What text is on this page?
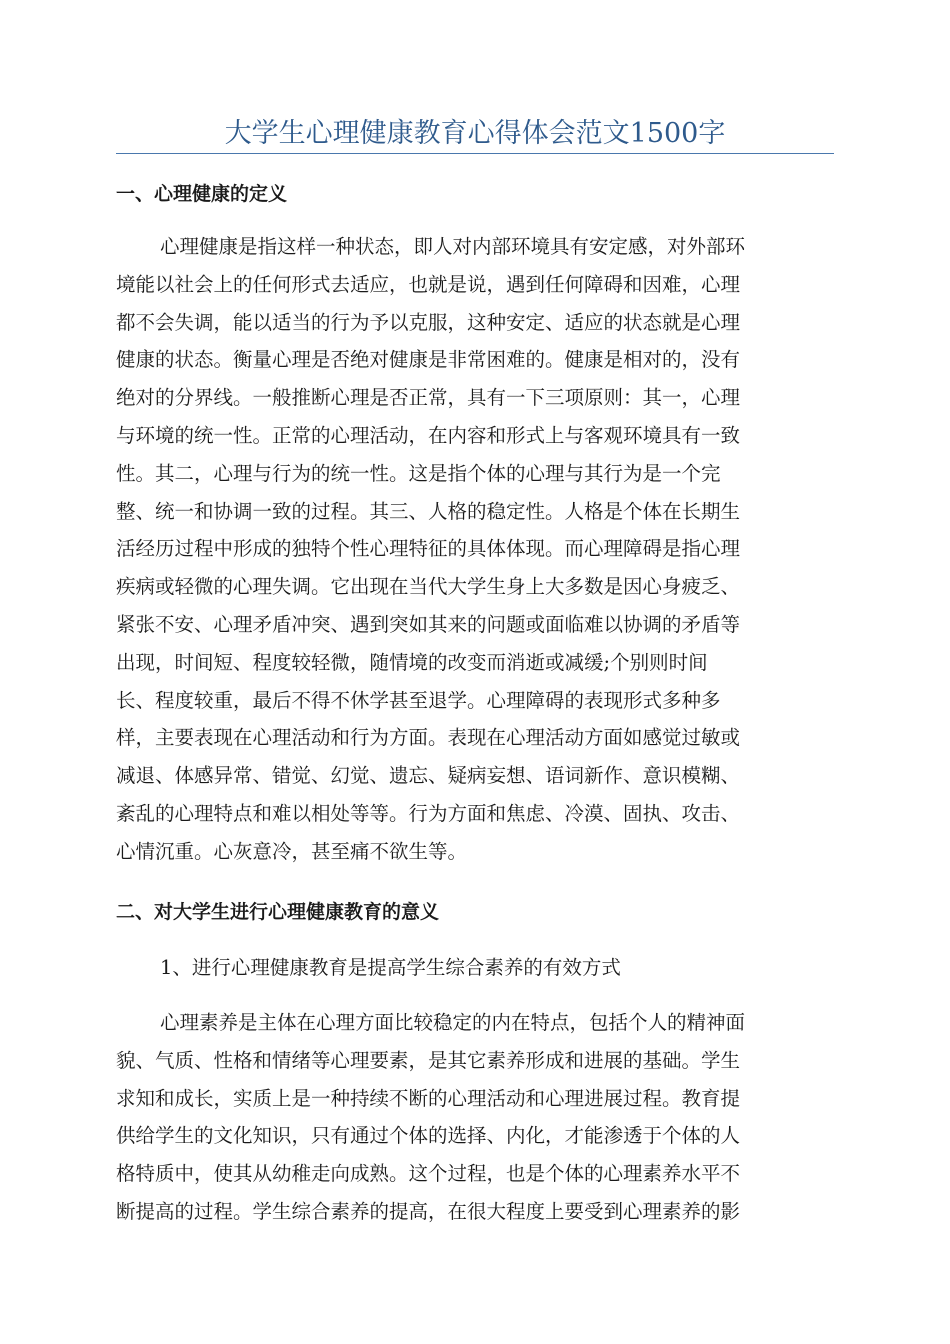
大学生心理健康教育心得体会范文1500字
一、心理健康的定义
心理健康是指这样一种状态，即人对内部环境具有安定感，对外部环
境能以社会上的任何形式去适应，也就是说，遇到任何障碍和因难，心理
都不会失调，能以适当的行为予以克服，这种安定、适应的状态就是心理
健康的状态。衡量心理是否绝对健康是非常困难的。健康是相对的，没有
绝对的分界线。一般推断心理是否正常，具有一下三项原则：其一，心理
与环境的统一性。正常的心理活动，在内容和形式上与客观环境具有一致
性。其二，心理与行为的统一性。这是指个体的心理与其行为是一个完
整、统一和协调一致的过程。其三、人格的稳定性。人格是个体在长期生
活经历过程中形成的独特个性心理特征的具体体现。而心理障碍是指心理
疾病或轻微的心理失调。它出现在当代大学生身上大多数是因心身疲乏、
紧张不安、心理矛盾冲突、遇到突如其来的问题或面临难以协调的矛盾等
出现，时间短、程度较轻微，随情境的改变而消逝或减缓;个别则时间
长、程度较重，最后不得不休学甚至退学。心理障碍的表现形式多种多
样，主要表现在心理活动和行为方面。表现在心理活动方面如感觉过敏或
减退、体感异常、错觉、幻觉、遗忘、疑病妄想、语词新作、意识模糊、
紊乱的心理特点和难以相处等等。行为方面和焦虑、冷漠、固执、攻击、
心情沉重。心灰意冷，甚至痛不欲生等。
二、对大学生进行心理健康教育的意义
1、进行心理健康教育是提高学生综合素养的有效方式
心理素养是主体在心理方面比较稳定的内在特点，包括个人的精神面
貌、气质、性格和情绪等心理要素，是其它素养形成和进展的基础。学生
求知和成长，实质上是一种持续不断的心理活动和心理进展过程。教育提
供给学生的文化知识，只有通过个体的选择、内化，才能渗透于个体的人
格特质中，使其从幼稚走向成熟。这个过程，也是个体的心理素养水平不
断提高的过程。学生综合素养的提高，在很大程度上要受到心理素养的影
